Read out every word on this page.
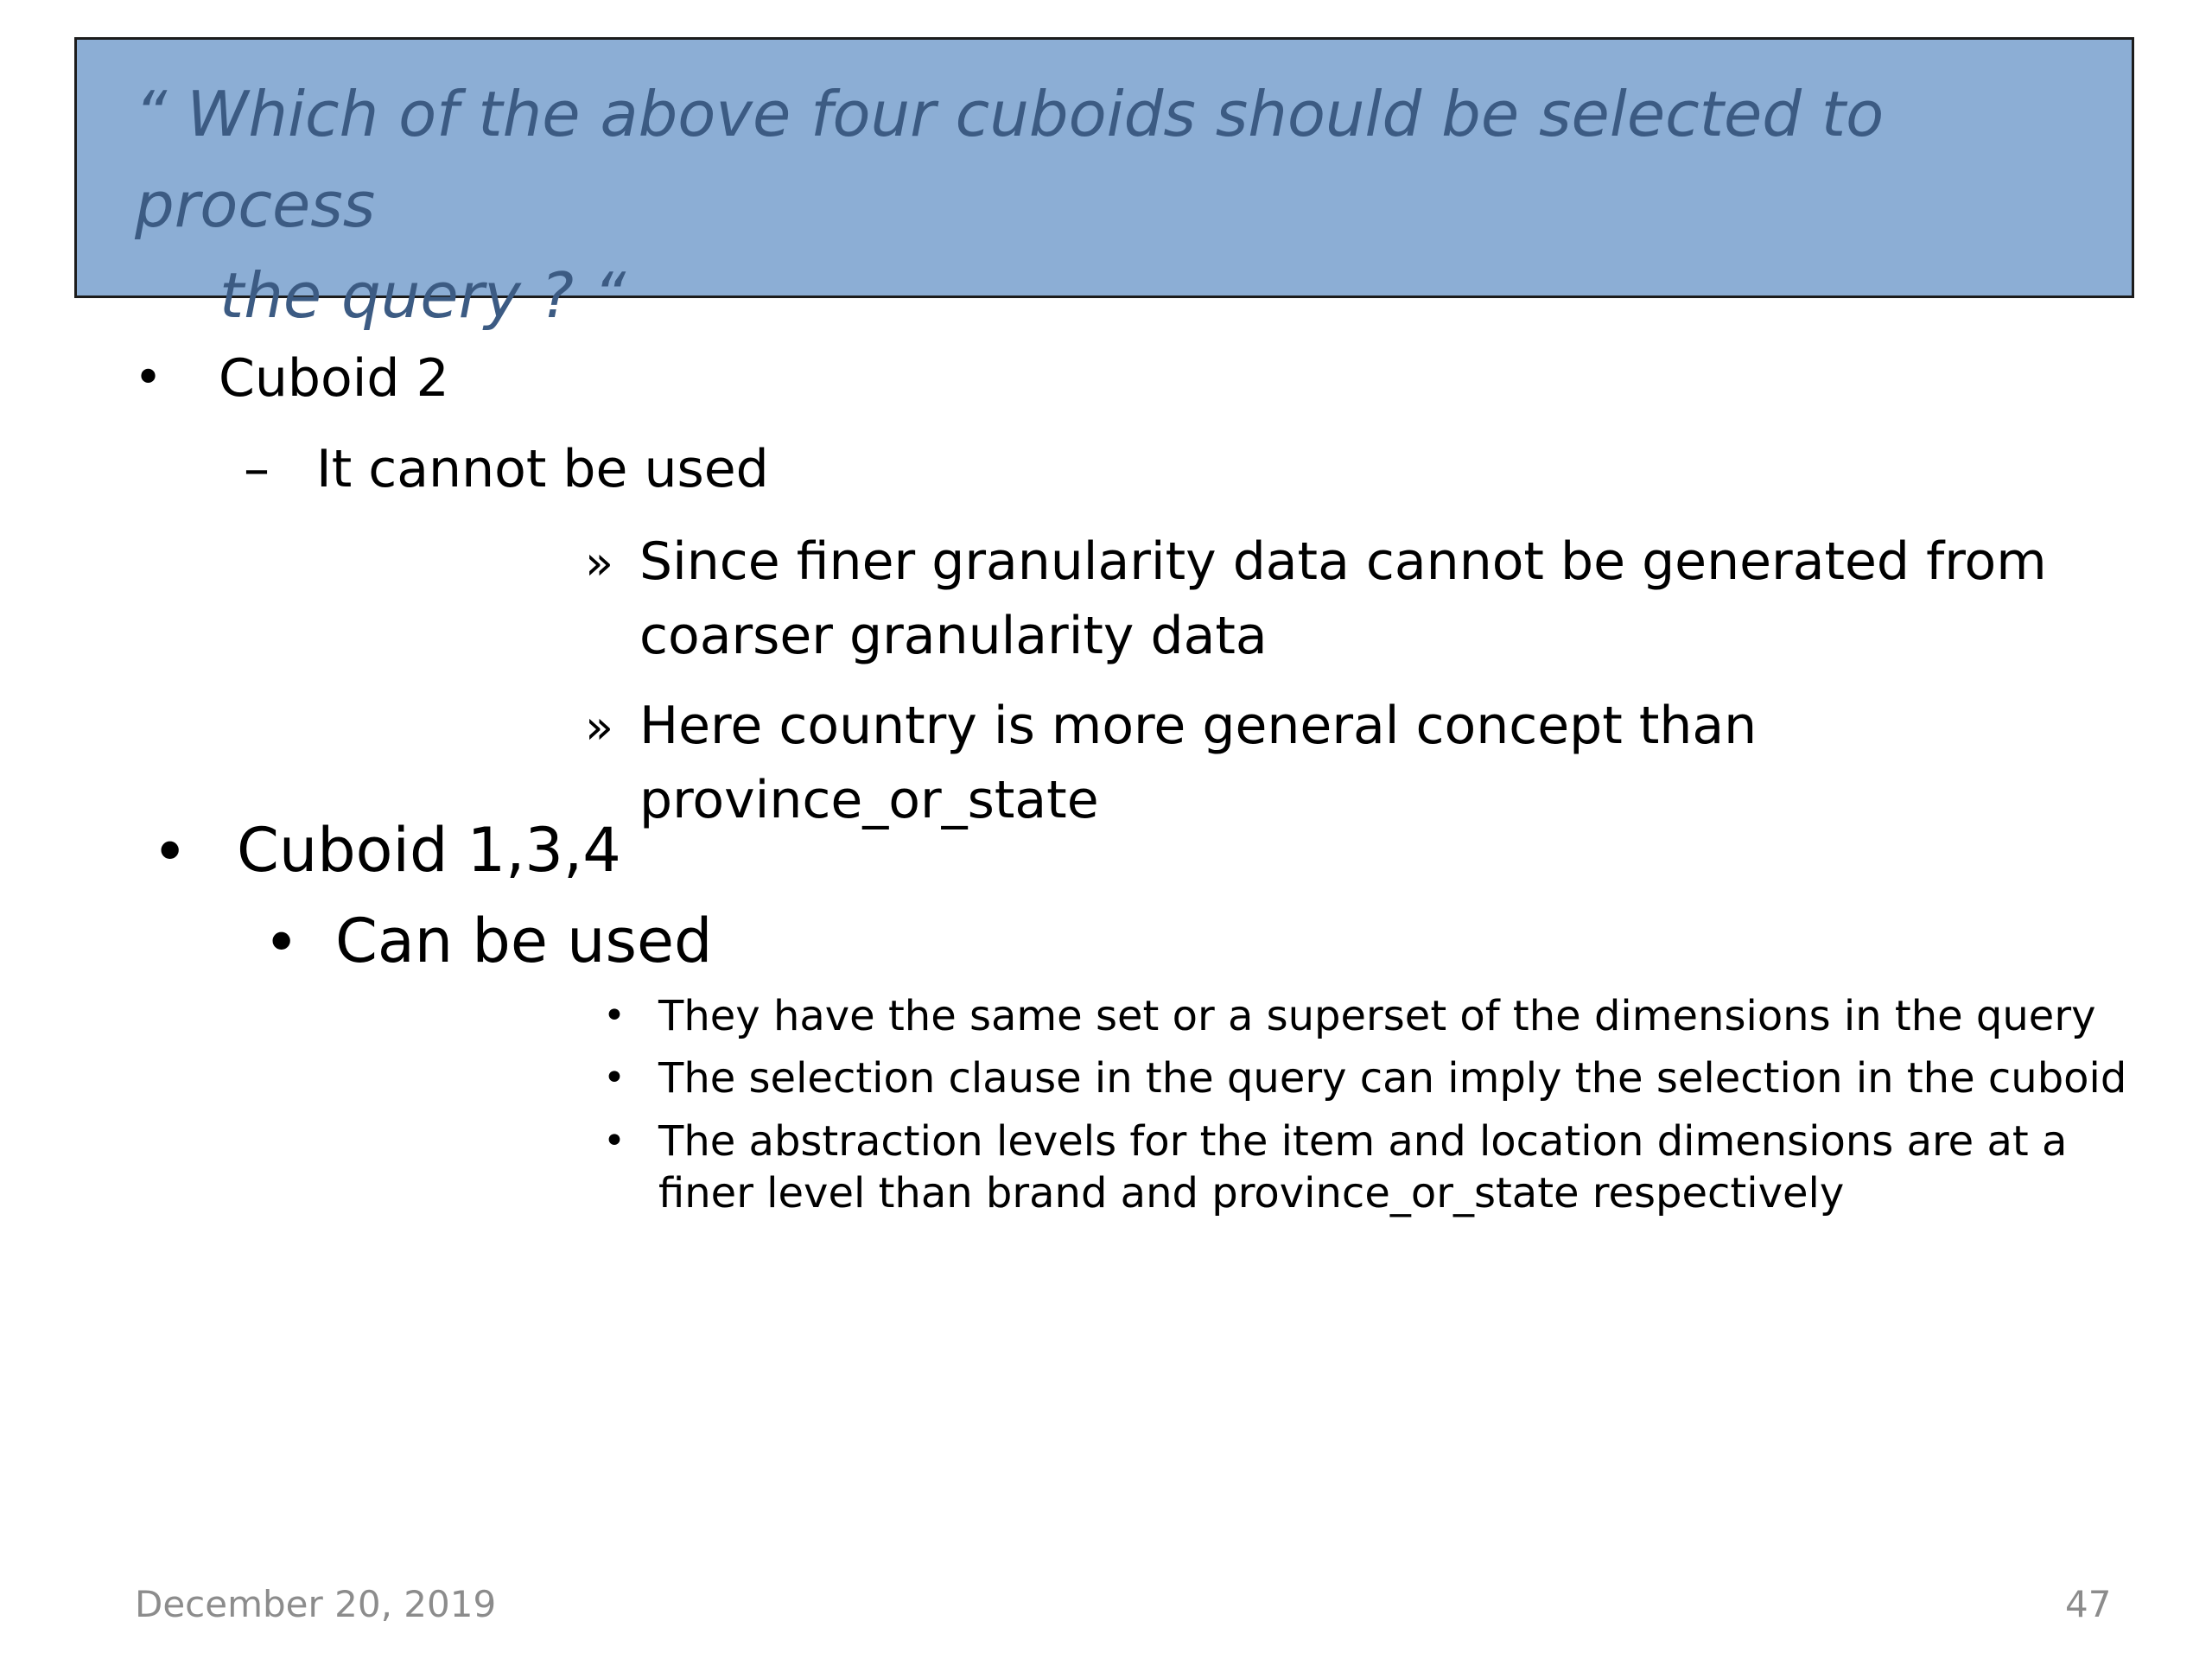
“ Which of the above four cuboids should be selected to process
the query ? “
• Cuboid 2
– It cannot be used
» Since finer granularity data cannot be generated from coarser granularity data
» Here country is more general concept than province_or_state
• Cuboid 1,3,4
• Can be used
• They have the same set or a superset of the dimensions in the query
• The selection clause in the query can imply the selection in the cuboid
• The abstraction levels for the item and location dimensions are at a finer level than brand and province_or_state respectively
December 20, 2019	47
